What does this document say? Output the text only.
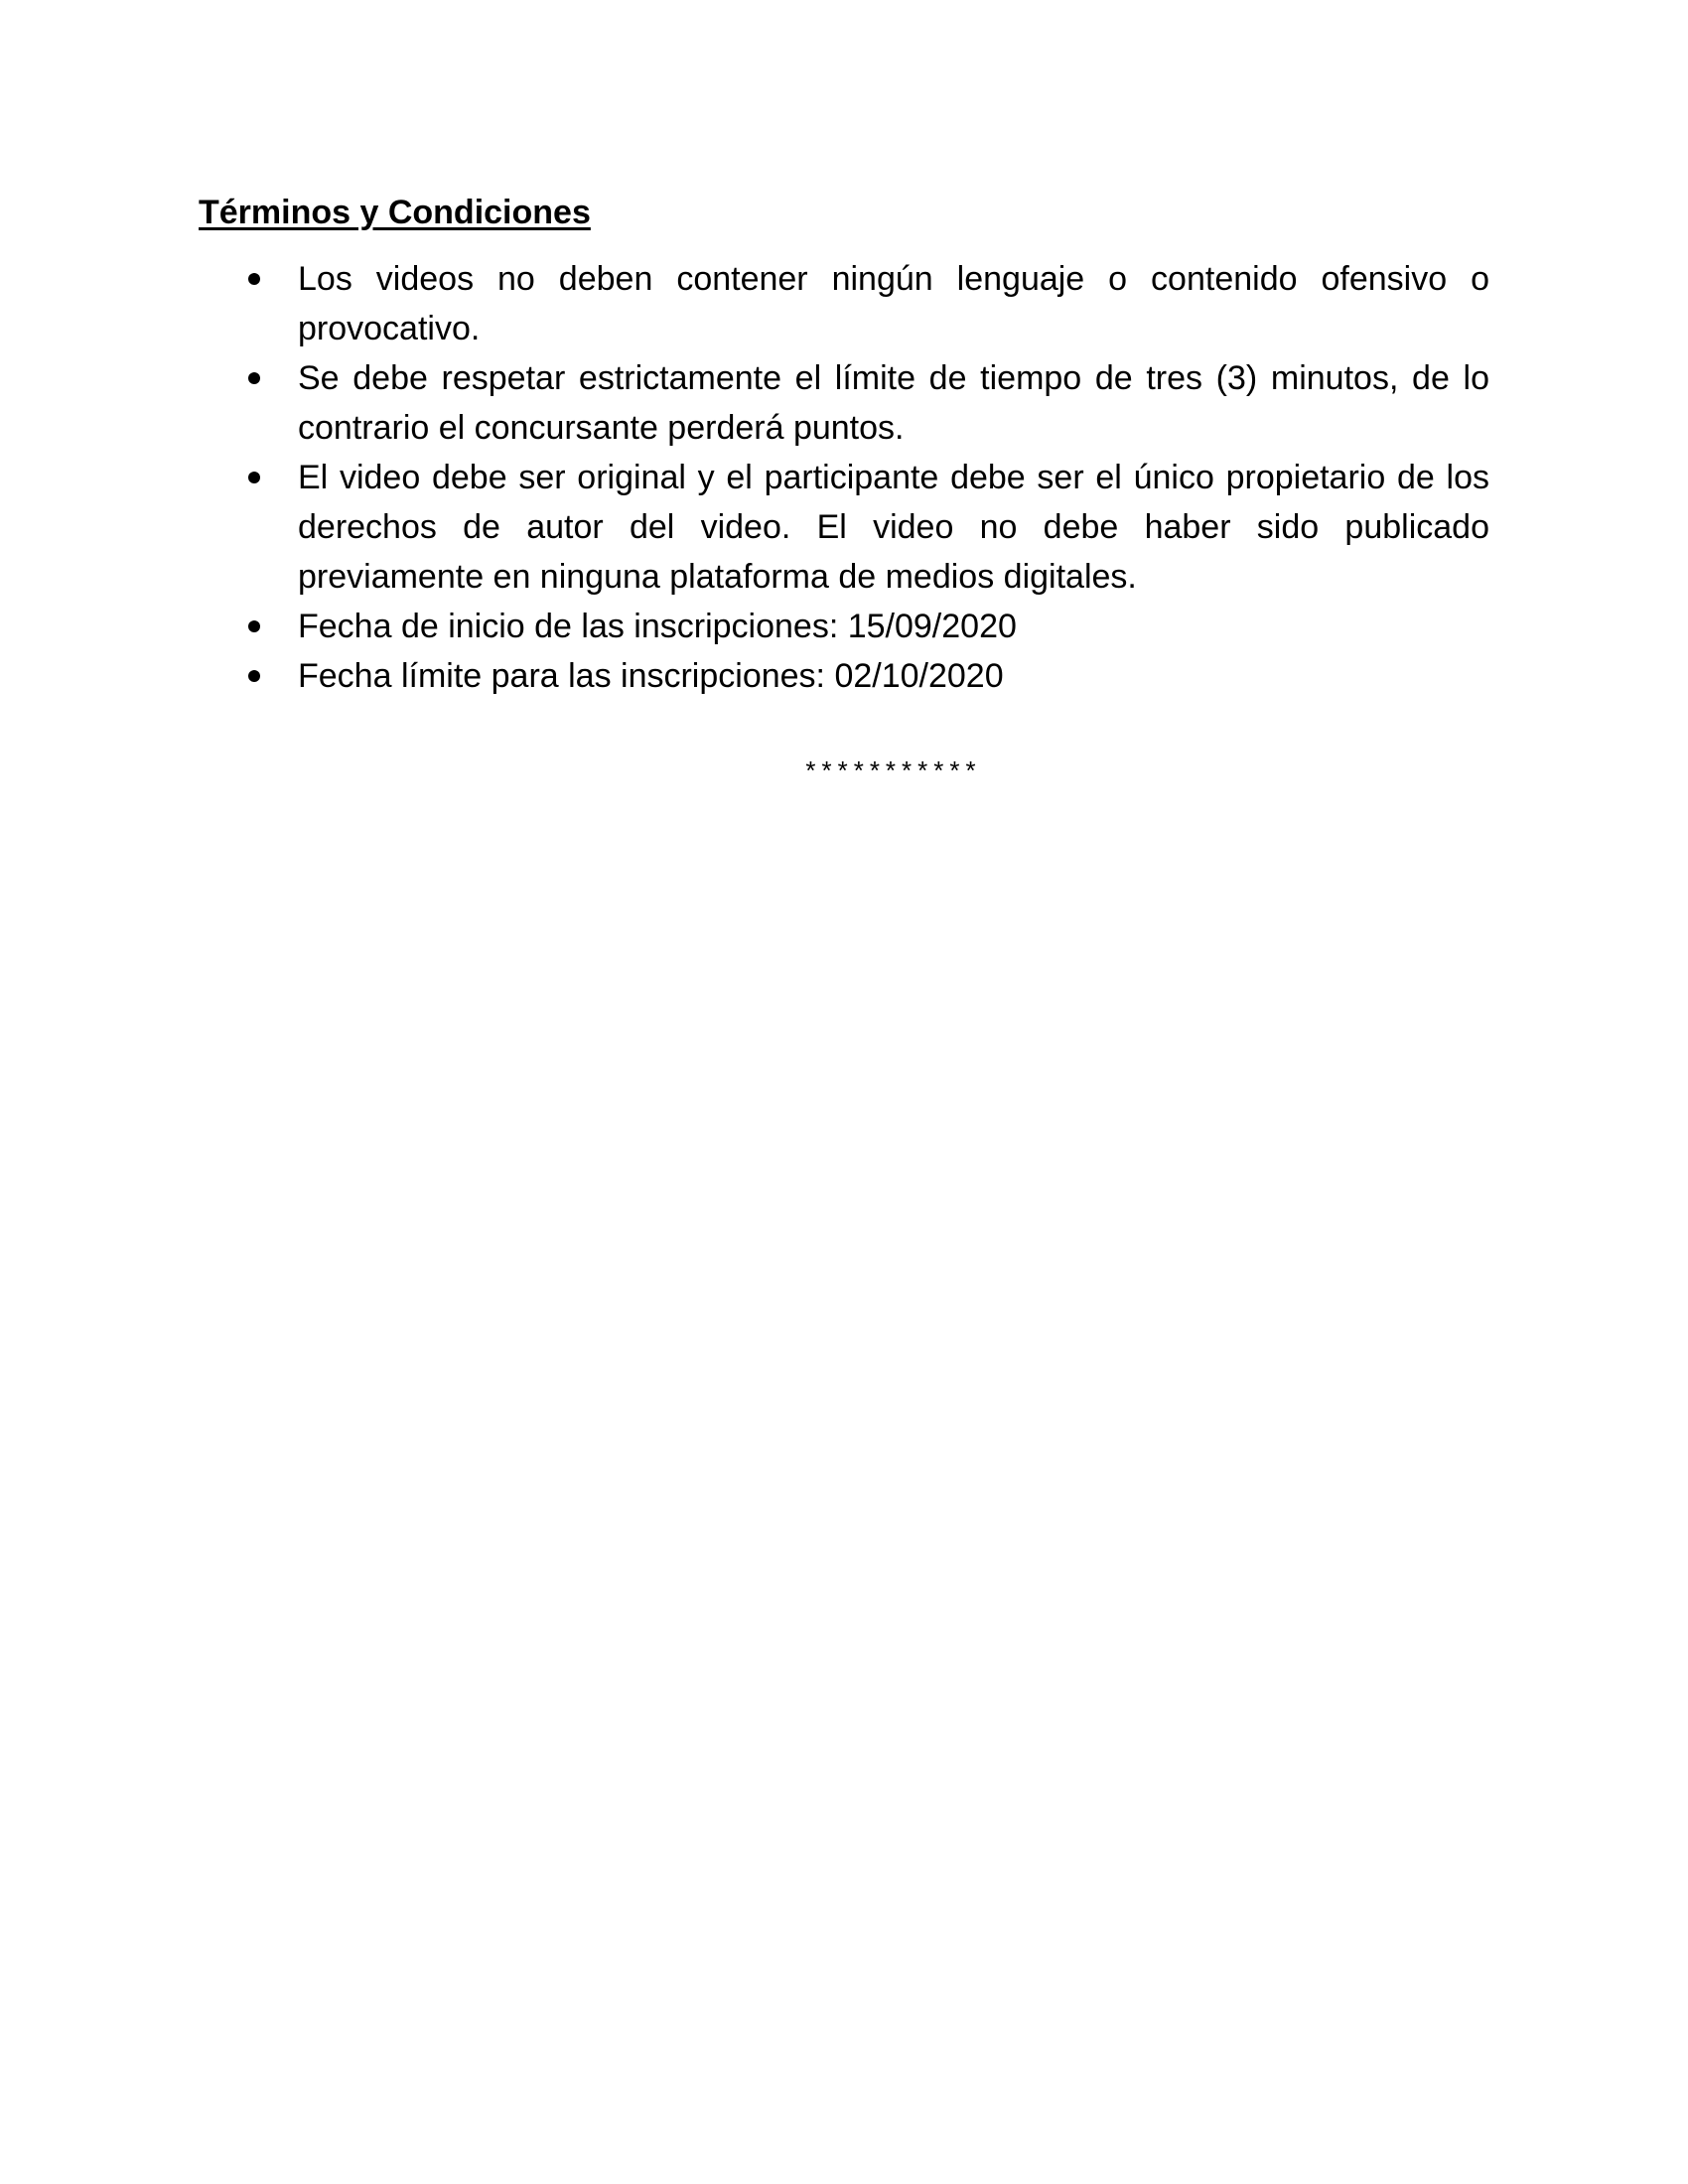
Términos y Condiciones
Los videos no deben contener ningún lenguaje o contenido ofensivo o provocativo.
Se debe respetar estrictamente el límite de tiempo de tres (3) minutos, de lo contrario el concursante perderá puntos.
El video debe ser original y el participante debe ser el único propietario de los derechos de autor del video. El video no debe haber sido publicado previamente en ninguna plataforma de medios digitales.
Fecha de inicio de las inscripciones: 15/09/2020
Fecha límite para las inscripciones: 02/10/2020
***********
